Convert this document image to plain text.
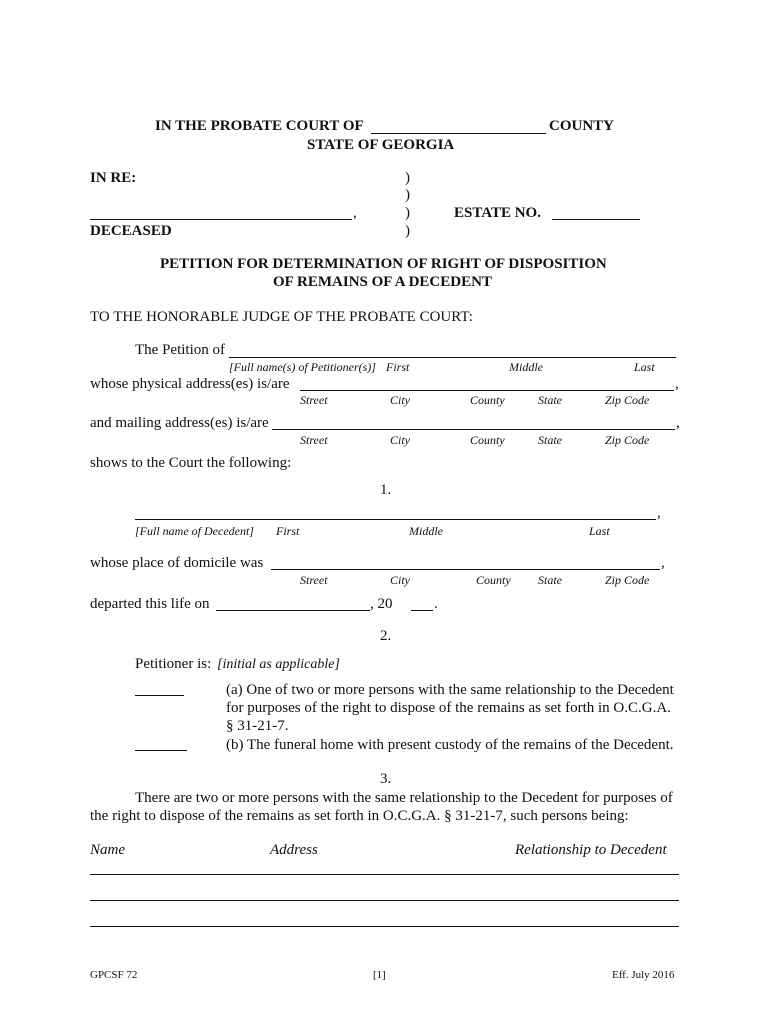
IN THE PROBATE COURT OF	COUNTY
STATE OF GEORGIA
IN RE:	)
)
)
)
,
DECEASED
ESTATE NO.
PETITION FOR DETERMINATION OF RIGHT OF DISPOSITION
OF REMAINS OF A DECEDENT
TO THE HONORABLE JUDGE OF THE PROBATE COURT:
The Petition of
[Full name(s) of Petitioner(s)] First	Middle	Last
whose physical address(es) is/are	,
Street	City	County	State	Zip Code
and mailing address(es) is/are	,
Street	City	County	State	Zip Code
shows to the Court the following:
1.
,
[Full name of Decedent] First	Middle	Last
whose place of domicile was	,
Street	City	County State	Zip Code
departed this life on	, 20	.
2.
Petitioner is: [initial as applicable]
(a) One of two or more persons with the same relationship to the Decedent
for purposes of the right to dispose of the remains as set forth in O.C.G.A.
§ 31-21-7.
(b) The funeral home with present custody of the remains of the Decedent.
3.
There are two or more persons with the same relationship to the Decedent for purposes of
the right to dispose of the remains as set forth in O.C.G.A. § 31-21-7, such persons being:
Name	Address	Relationship to Decedent
GPCSF 72	[1]	Eff. July 2016
